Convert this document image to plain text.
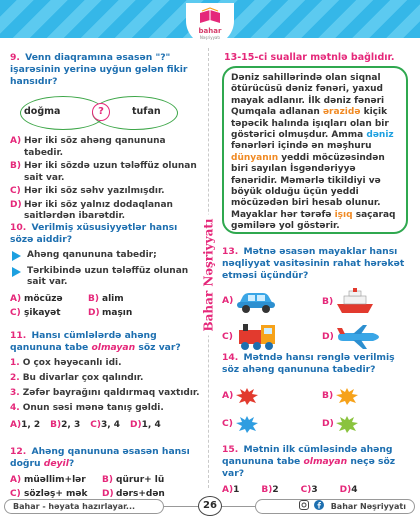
bahar
Nəşriyyatı
Bahar Nəşriyyatı
9. Venn diaqramına əsasən "?" işarəsinin yerinə uyğun gələn fikir hansıdır?
doğma	?	tufan
A) Hər iki söz ahəng qanununa tabedir.
B) Hər iki sözdə uzun tələffüz olunan sait var.
C) Hər iki söz səhv yazılmışdır.
D) Hər iki söz yalnız dodaqlanan saitlərdən ibarətdir.
10. Verilmiş xüsusiyyətlər hansı sözə aiddir?
Ahəng qanununa tabedir;
Tərkibində uzun tələffüz olunan sait var.
A) möcüzə	B) alim
C) şikayət	D) maşın
11. Hansı cümlələrdə ahəng qanununa tabe olmayan söz var?
1. O çox həyəcanlı idi.
2. Bu divarlar çox qalındır.
3. Zəfər bayrağını qaldırmaq vaxtıdır.
4. Onun səsi mənə tanış gəldi.
A)1, 2 B)2, 3 C)3, 4 D)1, 4
12. Ahəng qanununa əsasən hansı doğru deyil?
A) müəllim+lər	B) qürur+ lü
C) sözləş+ mək	D) dərs+dən
13-15-ci suallar mətnlə bağlıdır.
Dəniz sahillərində olan siqnal ötürücüsü dəniz fənəri, yaxud mayak adlanır. İlk dəniz fənəri Qumqala adlanan ərazidə kiçik təpəcik halında işıqları olan bir göstərici olmuşdur. Amma dəniz fənərləri içində ən məşhuru dünyanın yeddi möcüzəsindən biri sayılan İsgəndəriyyə fənəridir. Məmərlə tikildiyi və böyük olduğu üçün yeddi möcüzədən biri hesab olunur. Mayaklar hər tərəfə işıq saçaraq gəmilərə yol göstərir.
13. Mətnə əsasən mayaklar hansı nəqliyyat vasitəsinin rahat hərəkət etməsi üçündür?
A)	B)
C)	D)
14. Mətndə hansı rənglə verilmiş söz ahəng qanununa tabedir?
A)	B)
C)	D)
15. Mətnin ilk cümləsində ahəng qanununa tabe olmayan neçə söz var?
A)1 B)2 C)3 D)4
Bahar - həyata hazırlayar...	26	Bahar Nəşriyyatı
